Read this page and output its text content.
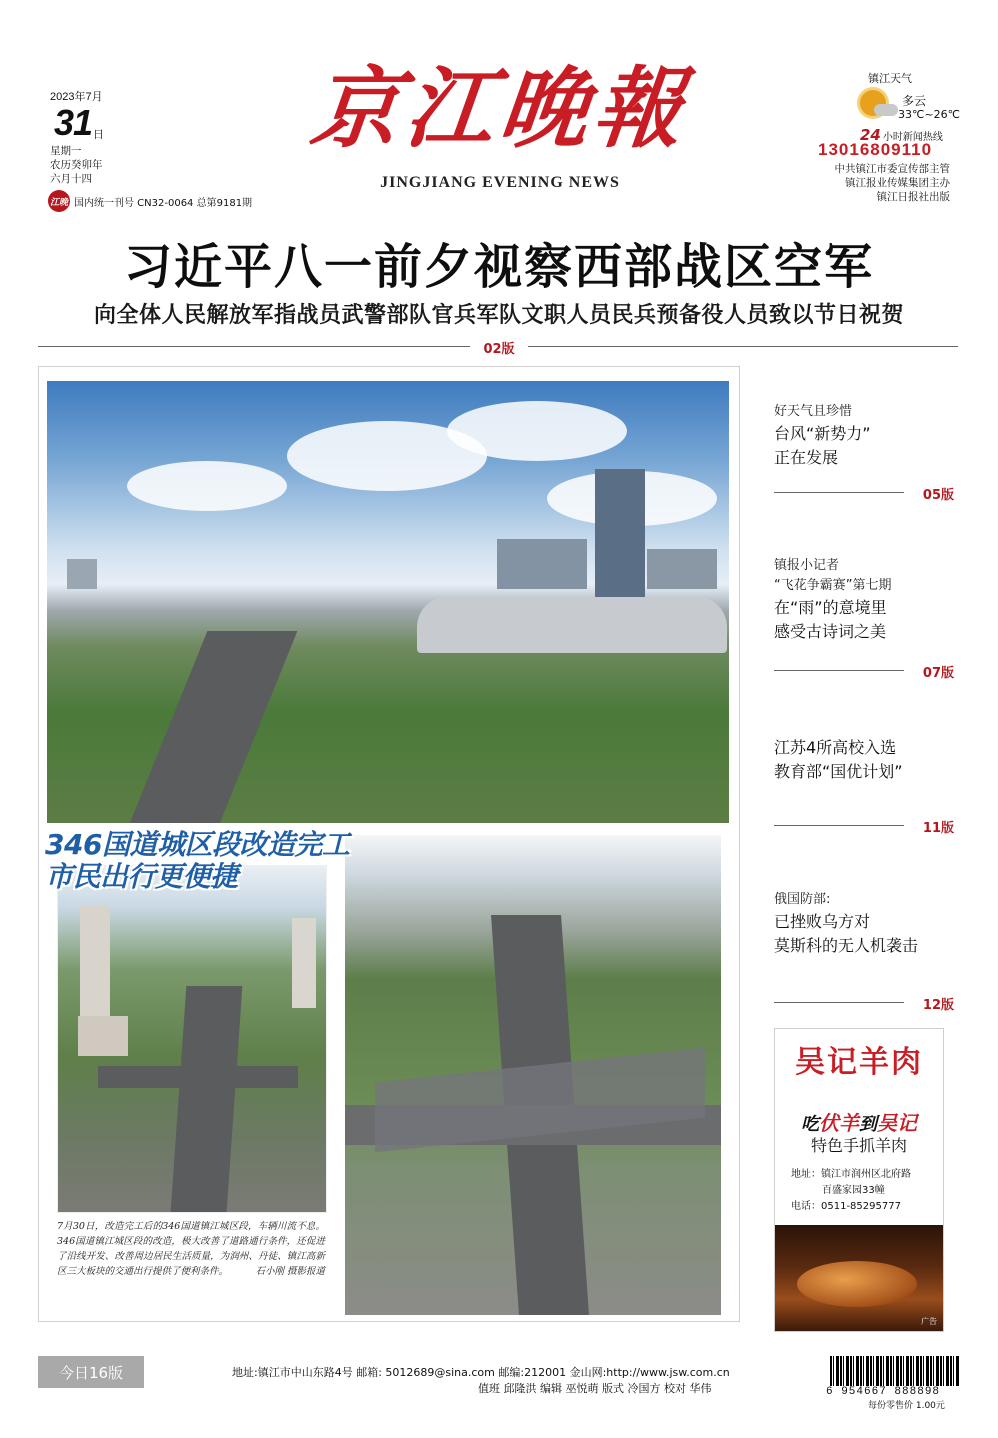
2023年7月
31 日
星期一
农历癸卯年
六月十四
江晚 国内统一刊号 CN32-0064 总第9181期
京江晚報
JINGJIANG EVENING NEWS
镇江天气
多云
33℃~26℃
24 小时新闻热线
13016809110
中共镇江市委宣传部主管
镇江报业传媒集团主办
镇江日报社出版
习近平八一前夕视察西部战区空军
向全体人民解放军指战员武警部队官兵军队文职人员民兵预备役人员致以节日祝贺
02版
346国道城区段改造完工
市民出行更便捷
7月30日，改造完工后的346国道镇江城区段，车辆川流不息。346国道镇江城区段的改造，极大改善了道路通行条件，还促进了沿线开发、改善周边居民生活质量，为润州、丹徒、镇江高新区三大板块的交通出行提供了便利条件。	石小刚 摄影报道
好天气且珍惜
台风“新势力”
正在发展
05版
镇报小记者
“飞花争霸赛”第七期
在“雨”的意境里
感受古诗词之美
07版
江苏4所高校入选
教育部“国优计划”
11版
俄国防部:
已挫败乌方对
莫斯科的无人机袭击
12版
吴记羊肉
吃伏羊到吴记
特色手抓羊肉
地址：镇江市润州区北府路
百盛家园33幢
电话：0511-85295777
广告
今日16版	地址:镇江市中山东路4号 邮箱: 5012689@sina.com 邮编:212001 金山网:http://www.jsw.com.cn
值班 邱隆洪 编辑 巫悦萌 版式 冷国方 校对 华伟	6 954667 888898
每份零售价 1.00元
